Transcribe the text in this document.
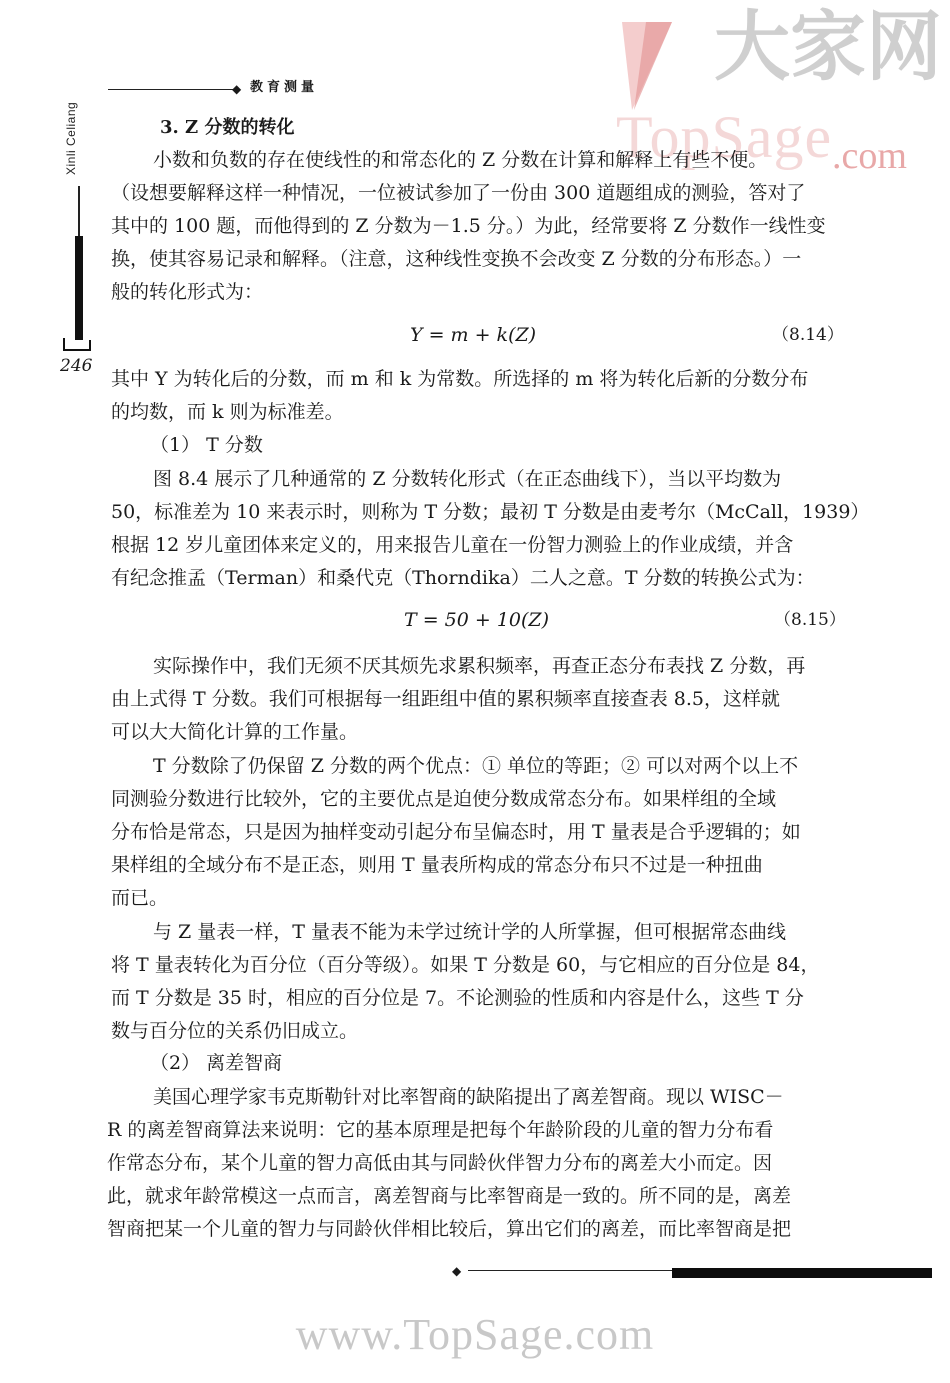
大家网
TopSage .com
◆ 教育测量
Xinli Celiang
246
3. Z 分数的转化
小数和负数的存在使线性的和常态化的 Z 分数在计算和解释上有些不便。
（设想要解释这样一种情况，一位被试参加了一份由 300 道题组成的测验，答对了
其中的 100 题，而他得到的 Z 分数为－1.5 分。）为此，经常要将 Z 分数作一线性变
换，使其容易记录和解释。（注意，这种线性变换不会改变 Z 分数的分布形态。）一
般的转化形式为：
Y = m + k(Z)	（8.14）
其中 Y 为转化后的分数，而 m 和 k 为常数。所选择的 m 将为转化后新的分数分布
的均数，而 k 则为标准差。
（1） T 分数
图 8.4 展示了几种通常的 Z 分数转化形式（在正态曲线下），当以平均数为
50，标准差为 10 来表示时，则称为 T 分数；最初 T 分数是由麦考尔（McCall，1939）
根据 12 岁儿童团体来定义的，用来报告儿童在一份智力测验上的作业成绩，并含
有纪念推孟（Terman）和桑代克（Thorndika）二人之意。T 分数的转换公式为：
T = 50 + 10(Z)	（8.15）
实际操作中，我们无须不厌其烦先求累积频率，再查正态分布表找 Z 分数，再
由上式得 T 分数。我们可根据每一组距组中值的累积频率直接查表 8.5，这样就
可以大大简化计算的工作量。
T 分数除了仍保留 Z 分数的两个优点：① 单位的等距；② 可以对两个以上不
同测验分数进行比较外，它的主要优点是迫使分数成常态分布。如果样组的全域
分布恰是常态，只是因为抽样变动引起分布呈偏态时，用 T 量表是合乎逻辑的；如
果样组的全域分布不是正态，则用 T 量表所构成的常态分布只不过是一种扭曲
而已。
与 Z 量表一样，T 量表不能为未学过统计学的人所掌握，但可根据常态曲线
将 T 量表转化为百分位（百分等级）。如果 T 分数是 60，与它相应的百分位是 84，
而 T 分数是 35 时，相应的百分位是 7。不论测验的性质和内容是什么，这些 T 分
数与百分位的关系仍旧成立。
（2） 离差智商
美国心理学家韦克斯勒针对比率智商的缺陷提出了离差智商。现以 WISC－
R 的离差智商算法来说明：它的基本原理是把每个年龄阶段的儿童的智力分布看
作常态分布，某个儿童的智力高低由其与同龄伙伴智力分布的离差大小而定。因
此，就求年龄常模这一点而言，离差智商与比率智商是一致的。所不同的是，离差
智商把某一个儿童的智力与同龄伙伴相比较后，算出它们的离差，而比率智商是把
◆
www.TopSage.com
